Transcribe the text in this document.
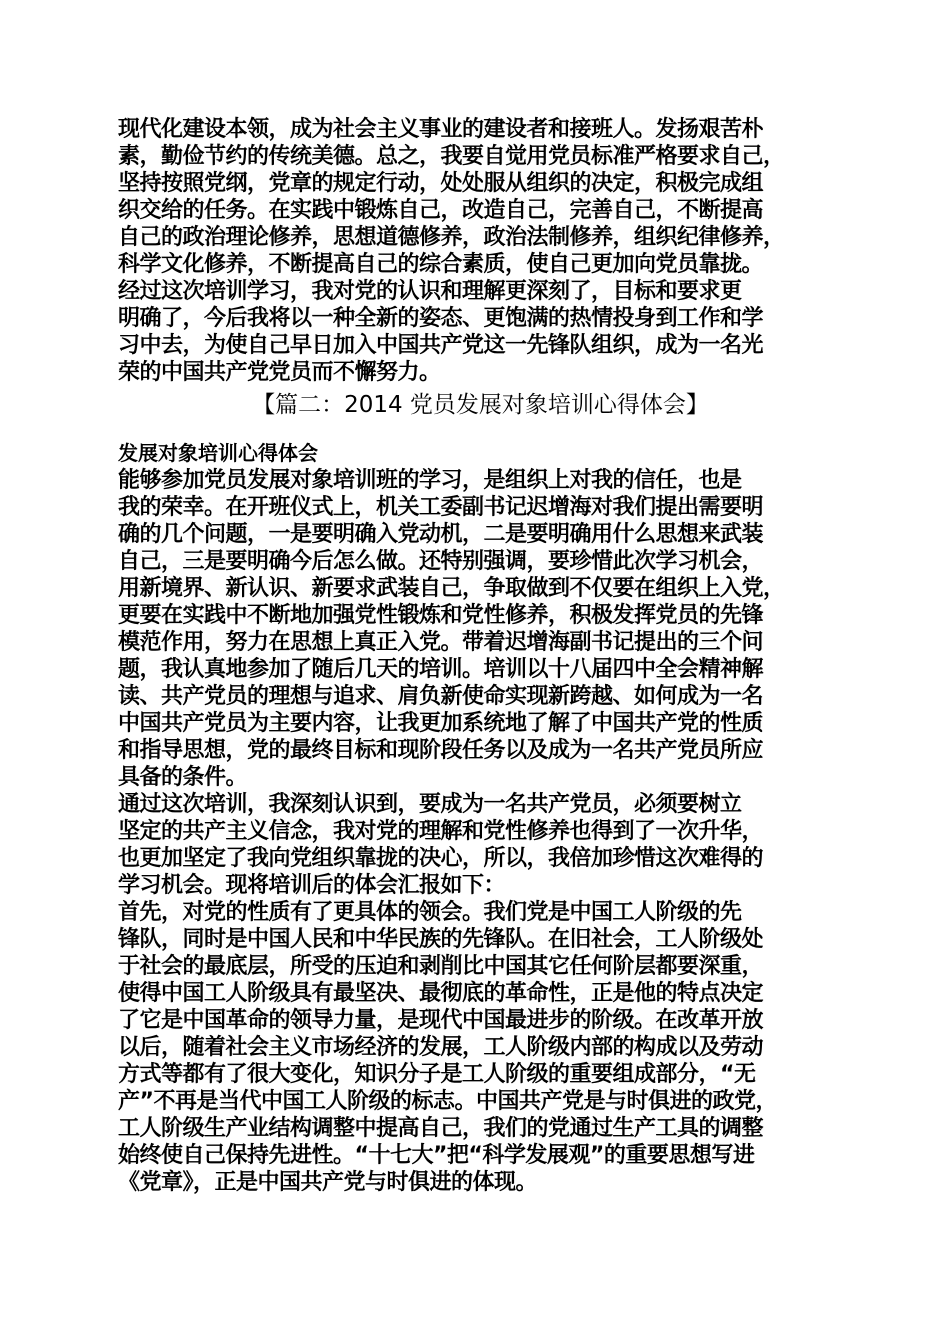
现代化建设本领，成为社会主义事业的建设者和接班人。发扬艰苦朴
素，勤俭节约的传统美德。总之，我要自觉用党员标准严格要求自己，
坚持按照党纲，党章的规定行动，处处服从组织的决定，积极完成组
织交给的任务。在实践中锻炼自己，改造自己，完善自己，不断提高
自己的政治理论修养，思想道德修养，政治法制修养，组织纪律修养，
科学文化修养，不断提高自己的综合素质，使自己更加向党员靠拢。
经过这次培训学习，我对党的认识和理解更深刻了，目标和要求更
明确了，今后我将以一种全新的姿态、更饱满的热情投身到工作和学
习中去，为使自己早日加入中国共产党这一先锋队组织，成为一名光
荣的中国共产党党员而不懈努力。
【篇二：2014 党员发展对象培训心得体会】
发展对象培训心得体会
能够参加党员发展对象培训班的学习，是组织上对我的信任，也是
我的荣幸。在开班仪式上，机关工委副书记迟增海对我们提出需要明
确的几个问题，一是要明确入党动机，二是要明确用什么思想来武装
自己，三是要明确今后怎么做。还特别强调，要珍惜此次学习机会，
用新境界、新认识、新要求武装自己，争取做到不仅要在组织上入党，
更要在实践中不断地加强党性锻炼和党性修养，积极发挥党员的先锋
模范作用，努力在思想上真正入党。带着迟增海副书记提出的三个问
题，我认真地参加了随后几天的培训。培训以十八届四中全会精神解
读、共产党员的理想与追求、肩负新使命实现新跨越、如何成为一名
中国共产党员为主要内容，让我更加系统地了解了中国共产党的性质
和指导思想，党的最终目标和现阶段任务以及成为一名共产党员所应
具备的条件。
通过这次培训，我深刻认识到，要成为一名共产党员，必须要树立
坚定的共产主义信念，我对党的理解和党性修养也得到了一次升华，
也更加坚定了我向党组织靠拢的决心，所以，我倍加珍惜这次难得的
学习机会。现将培训后的体会汇报如下：
首先，对党的性质有了更具体的领会。我们党是中国工人阶级的先
锋队，同时是中国人民和中华民族的先锋队。在旧社会，工人阶级处
于社会的最底层，所受的压迫和剥削比中国其它任何阶层都要深重，
使得中国工人阶级具有最坚决、最彻底的革命性，正是他的特点决定
了它是中国革命的领导力量，是现代中国最进步的阶级。在改革开放
以后，随着社会主义市场经济的发展，工人阶级内部的构成以及劳动
方式等都有了很大变化，知识分子是工人阶级的重要组成部分，“无
产”不再是当代中国工人阶级的标志。中国共产党是与时俱进的政党，
工人阶级生产业结构调整中提高自己，我们的党通过生产工具的调整
始终使自己保持先进性。“十七大”把“科学发展观”的重要思想写进
《党章》，正是中国共产党与时俱进的体现。
